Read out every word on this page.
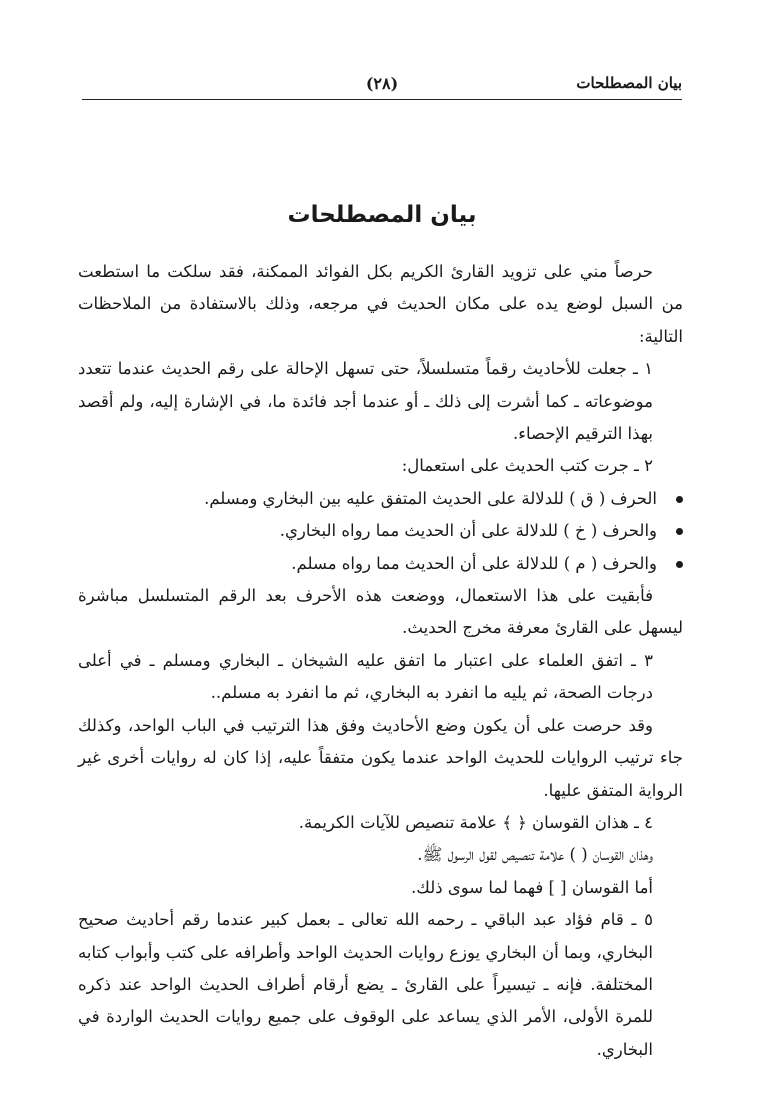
بيان المصطلحات
(٢٨)
بيان المصطلحات

حرصاً مني على تزويد القارئ الكريم بكل الفوائد الممكنة، فقد سلكت ما استطعت من السبل لوضع يده على مكان الحديث في مرجعه، وذلك بالاستفادة من الملاحظات التالية:

١ ـ جعلت للأحاديث رقماً متسلسلاً، حتى تسهل الإحالة على رقم الحديث عندما تتعدد موضوعاته ـ كما أشرت إلى ذلك ـ أو عندما أجد فائدة ما، في الإشارة إليه، ولم أقصد بهذا الترقيم الإحصاء.

٢ ـ جرت كتب الحديث على استعمال:

الحرف ( ق ) للدلالة على الحديث المتفق عليه بين البخاري ومسلم.

والحرف ( خ ) للدلالة على أن الحديث مما رواه البخاري.

والحرف ( م ) للدلالة على أن الحديث مما رواه مسلم.

فأبقيت على هذا الاستعمال، ووضعت هذه الأحرف بعد الرقم المتسلسل مباشرة ليسهل على القارئ معرفة مخرج الحديث.

٣ ـ اتفق العلماء على اعتبار ما اتفق عليه الشيخان ـ البخاري ومسلم ـ في أعلى درجات الصحة، ثم يليه ما انفرد به البخاري، ثم ما انفرد به مسلم..

وقد حرصت على أن يكون وضع الأحاديث وفق هذا الترتيب في الباب الواحد، وكذلك جاء ترتيب الروايات للحديث الواحد عندما يكون متفقاً عليه، إذا كان له روايات أخرى غير الرواية المتفق عليها.

٤ ـ هذان القوسان ﴿ ﴾ علامة تنصيص للآيات الكريمة.

وهذان القوسان ( ) علامة تنصيص لقول الرسول ﷺ.

أما القوسان [ ] فهما لما سوى ذلك.

٥ ـ قام فؤاد عبد الباقي ـ رحمه الله تعالى ـ بعمل كبير عندما رقم أحاديث صحيح البخاري، وبما أن البخاري يوزع روايات الحديث الواحد وأطرافه على كتب وأبواب كتابه المختلفة. فإنه ـ تيسيراً على القارئ ـ يضع أرقام أطراف الحديث الواحد عند ذكره للمرة الأولى، الأمر الذي يساعد على الوقوف على جميع روايات الحديث الواردة في البخاري.
